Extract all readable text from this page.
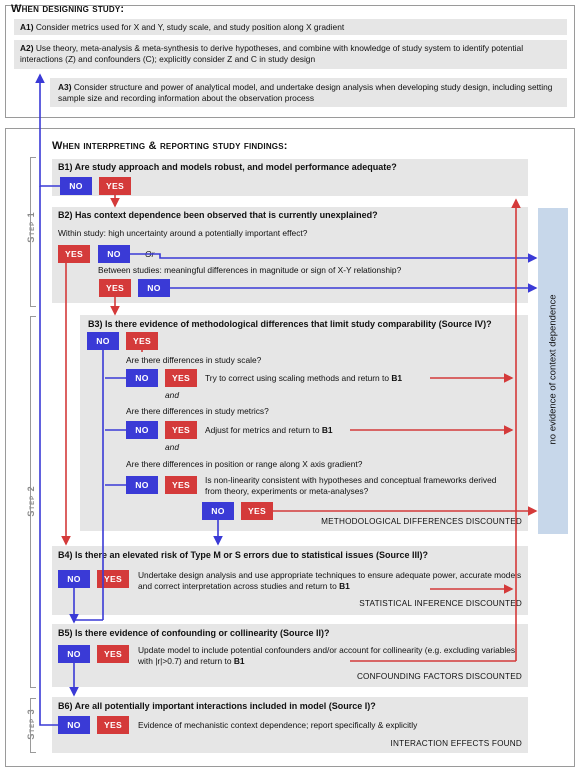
When designing study:
A1) Consider metrics used for X and Y, study scale, and study position along X gradient
A2) Use theory, meta-analysis & meta-synthesis to derive hypotheses, and combine with knowledge of study system to identify potential interactions (Z) and confounders (C); explicitly consider Z and C in study design
A3) Consider structure and power of analytical model, and undertake design analysis when developing study design, including setting sample size and recording information about the observation process
When interpreting & reporting study findings:
Step 1
Step 2
Step 3
no evidence of context dependence
B1) Are study approach and models robust, and model performance adequate?
NO	YES
B2) Has context dependence been observed that is currently unexplained?
Within study: high uncertainty around a potentially important effect?
YES	NO	Or
Between studies: meaningful differences in magnitude or sign of X-Y relationship?
YES	NO
B3) Is there evidence of methodological differences that limit study comparability (Source IV)?
NO	YES
Are there differences in study scale?
NO	YES	Try to correct using scaling methods and return to B1
and
Are there differences in study metrics?
NO	YES	Adjust for metrics and return to B1
and
Are there differences in position or range along X axis gradient?
NO	YES	Is non-linearity consistent with hypotheses and conceptual frameworks derived from theory, experiments or meta-analyses?
NO	YES
METHODOLOGICAL DIFFERENCES DISCOUNTED
B4) Is there an elevated risk of Type M or S errors due to statistical issues (Source III)?
NO	YES	Undertake design analysis and use appropriate techniques to ensure adequate power, accurate models and correct interpretation across studies and return to B1
STATISTICAL INFERENCE DISCOUNTED
B5) Is there evidence of confounding or collinearity (Source II)?
NO	YES	Update model to include potential confounders and/or account for collinearity (e.g. excluding variables with |r|>0.7) and return to B1
CONFOUNDING FACTORS DISCOUNTED
B6) Are all potentially important interactions included in model (Source I)?
NO	YES	Evidence of mechanistic context dependence; report specifically & explicitly
INTERACTION EFFECTS FOUND
